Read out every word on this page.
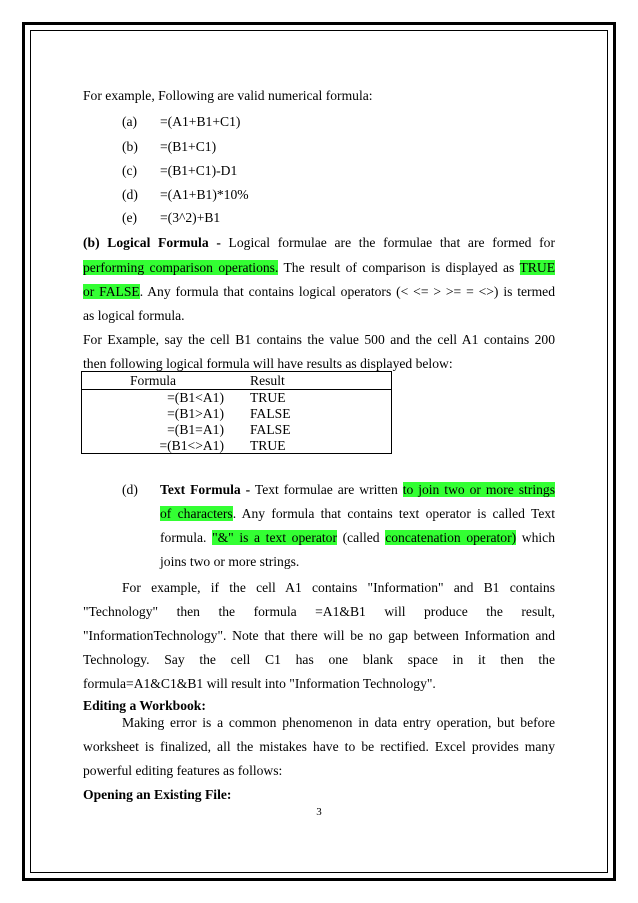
For example, Following are valid numerical formula:
(a) =(A1+B1+C1)
(b) =(B1+C1)
(c) =(B1+C1)-D1
(d) =(A1+B1)*10%
(e) =(3^2)+B1
(b) Logical Formula - Logical formulae are the formulae that are formed for
performing comparison operations. The result of comparison is displayed as TRUE
or FALSE. Any formula that contains logical operators (< <= > >= = <>) is termed
as logical formula.
For Example, say the cell B1 contains the value 500 and the cell A1 contains 200
then following logical formula will have results as displayed below:
Formula	Result
=(B1<A1) TRUE
=(B1>A1) FALSE
=(B1=A1) FALSE
=(B1<>A1) TRUE
(d) Text Formula - Text formulae are written to join two or more strings
of characters. Any formula that contains text operator is called Text
formula. "&" is a text operator (called concatenation operator) which
joins two or more strings.
For example, if the cell A1 contains "Information" and B1 contains
"Technology" then the formula =A1&B1 will produce the result,
"InformationTechnology". Note that there will be no gap between Information and
Technology. Say the cell C1 has one blank space in it then the
formula=A1&C1&B1 will result into "Information Technology".
Editing a Workbook:
Making error is a common phenomenon in data entry operation, but before
worksheet is finalized, all the mistakes have to be rectified. Excel provides many
powerful editing features as follows:
Opening an Existing File:
3
